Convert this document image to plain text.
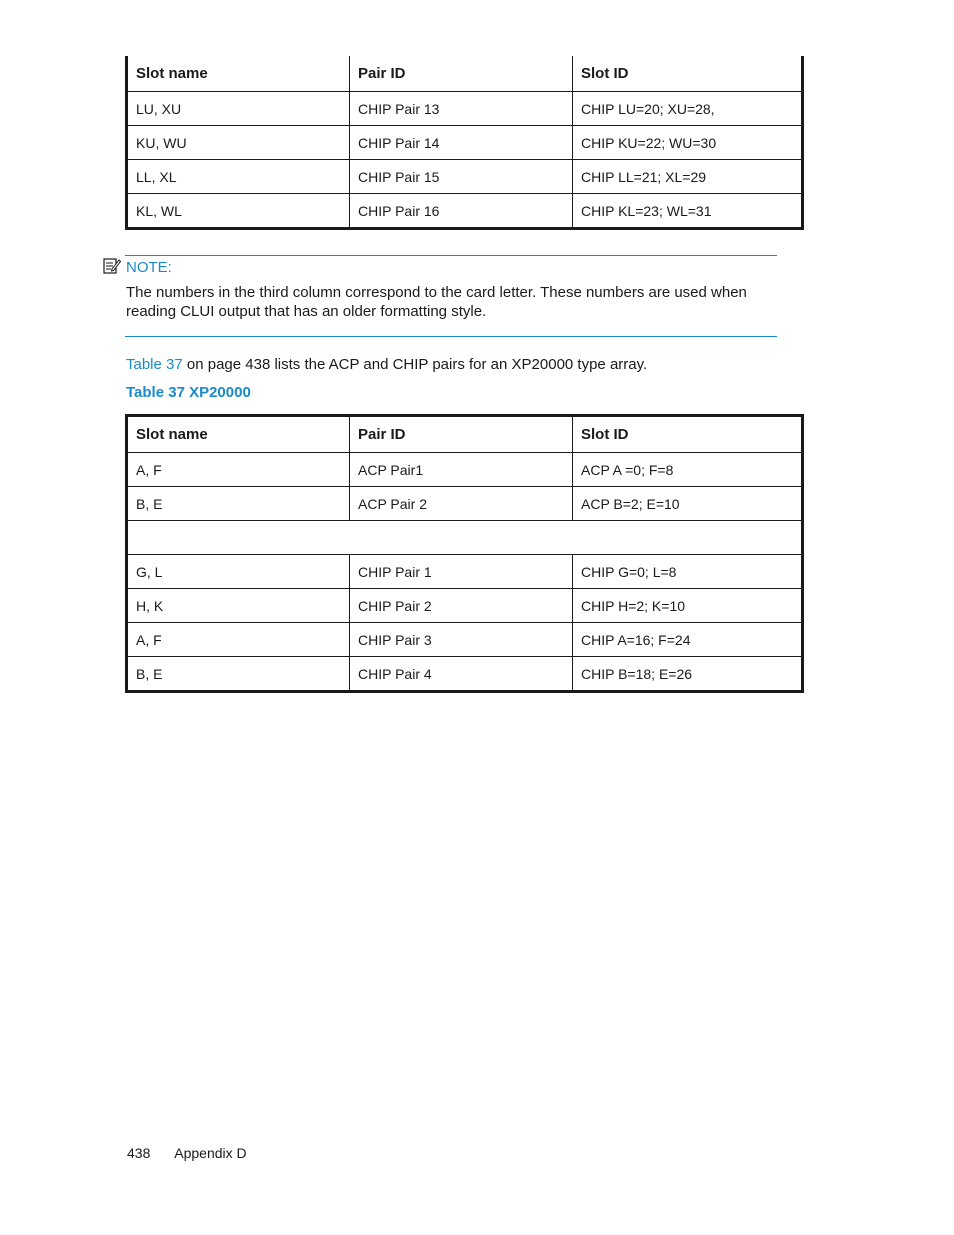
Slot name	Pair ID	Slot ID
LU, XU	CHIP Pair 13	CHIP LU=20; XU=28,
KU, WU	CHIP Pair 14	CHIP KU=22; WU=30
LL, XL	CHIP Pair 15	CHIP LL=21; XL=29
KL, WL	CHIP Pair 16	CHIP KL=23; WL=31
NOTE:
The numbers in the third column correspond to the card letter. These numbers are used when reading CLUI output that has an older formatting style.
Table 37 on page 438 lists the ACP and CHIP pairs for an XP20000 type array.
Table 37 XP20000
Slot name	Pair ID	Slot ID
A, F	ACP Pair1	ACP A =0; F=8
B, E	ACP Pair 2	ACP B=2; E=10

G, L	CHIP Pair 1	CHIP G=0; L=8
H, K	CHIP Pair 2	CHIP H=2; K=10
A, F	CHIP Pair 3	CHIP A=16; F=24
B, E	CHIP Pair 4	CHIP B=18; E=26
438 Appendix D
